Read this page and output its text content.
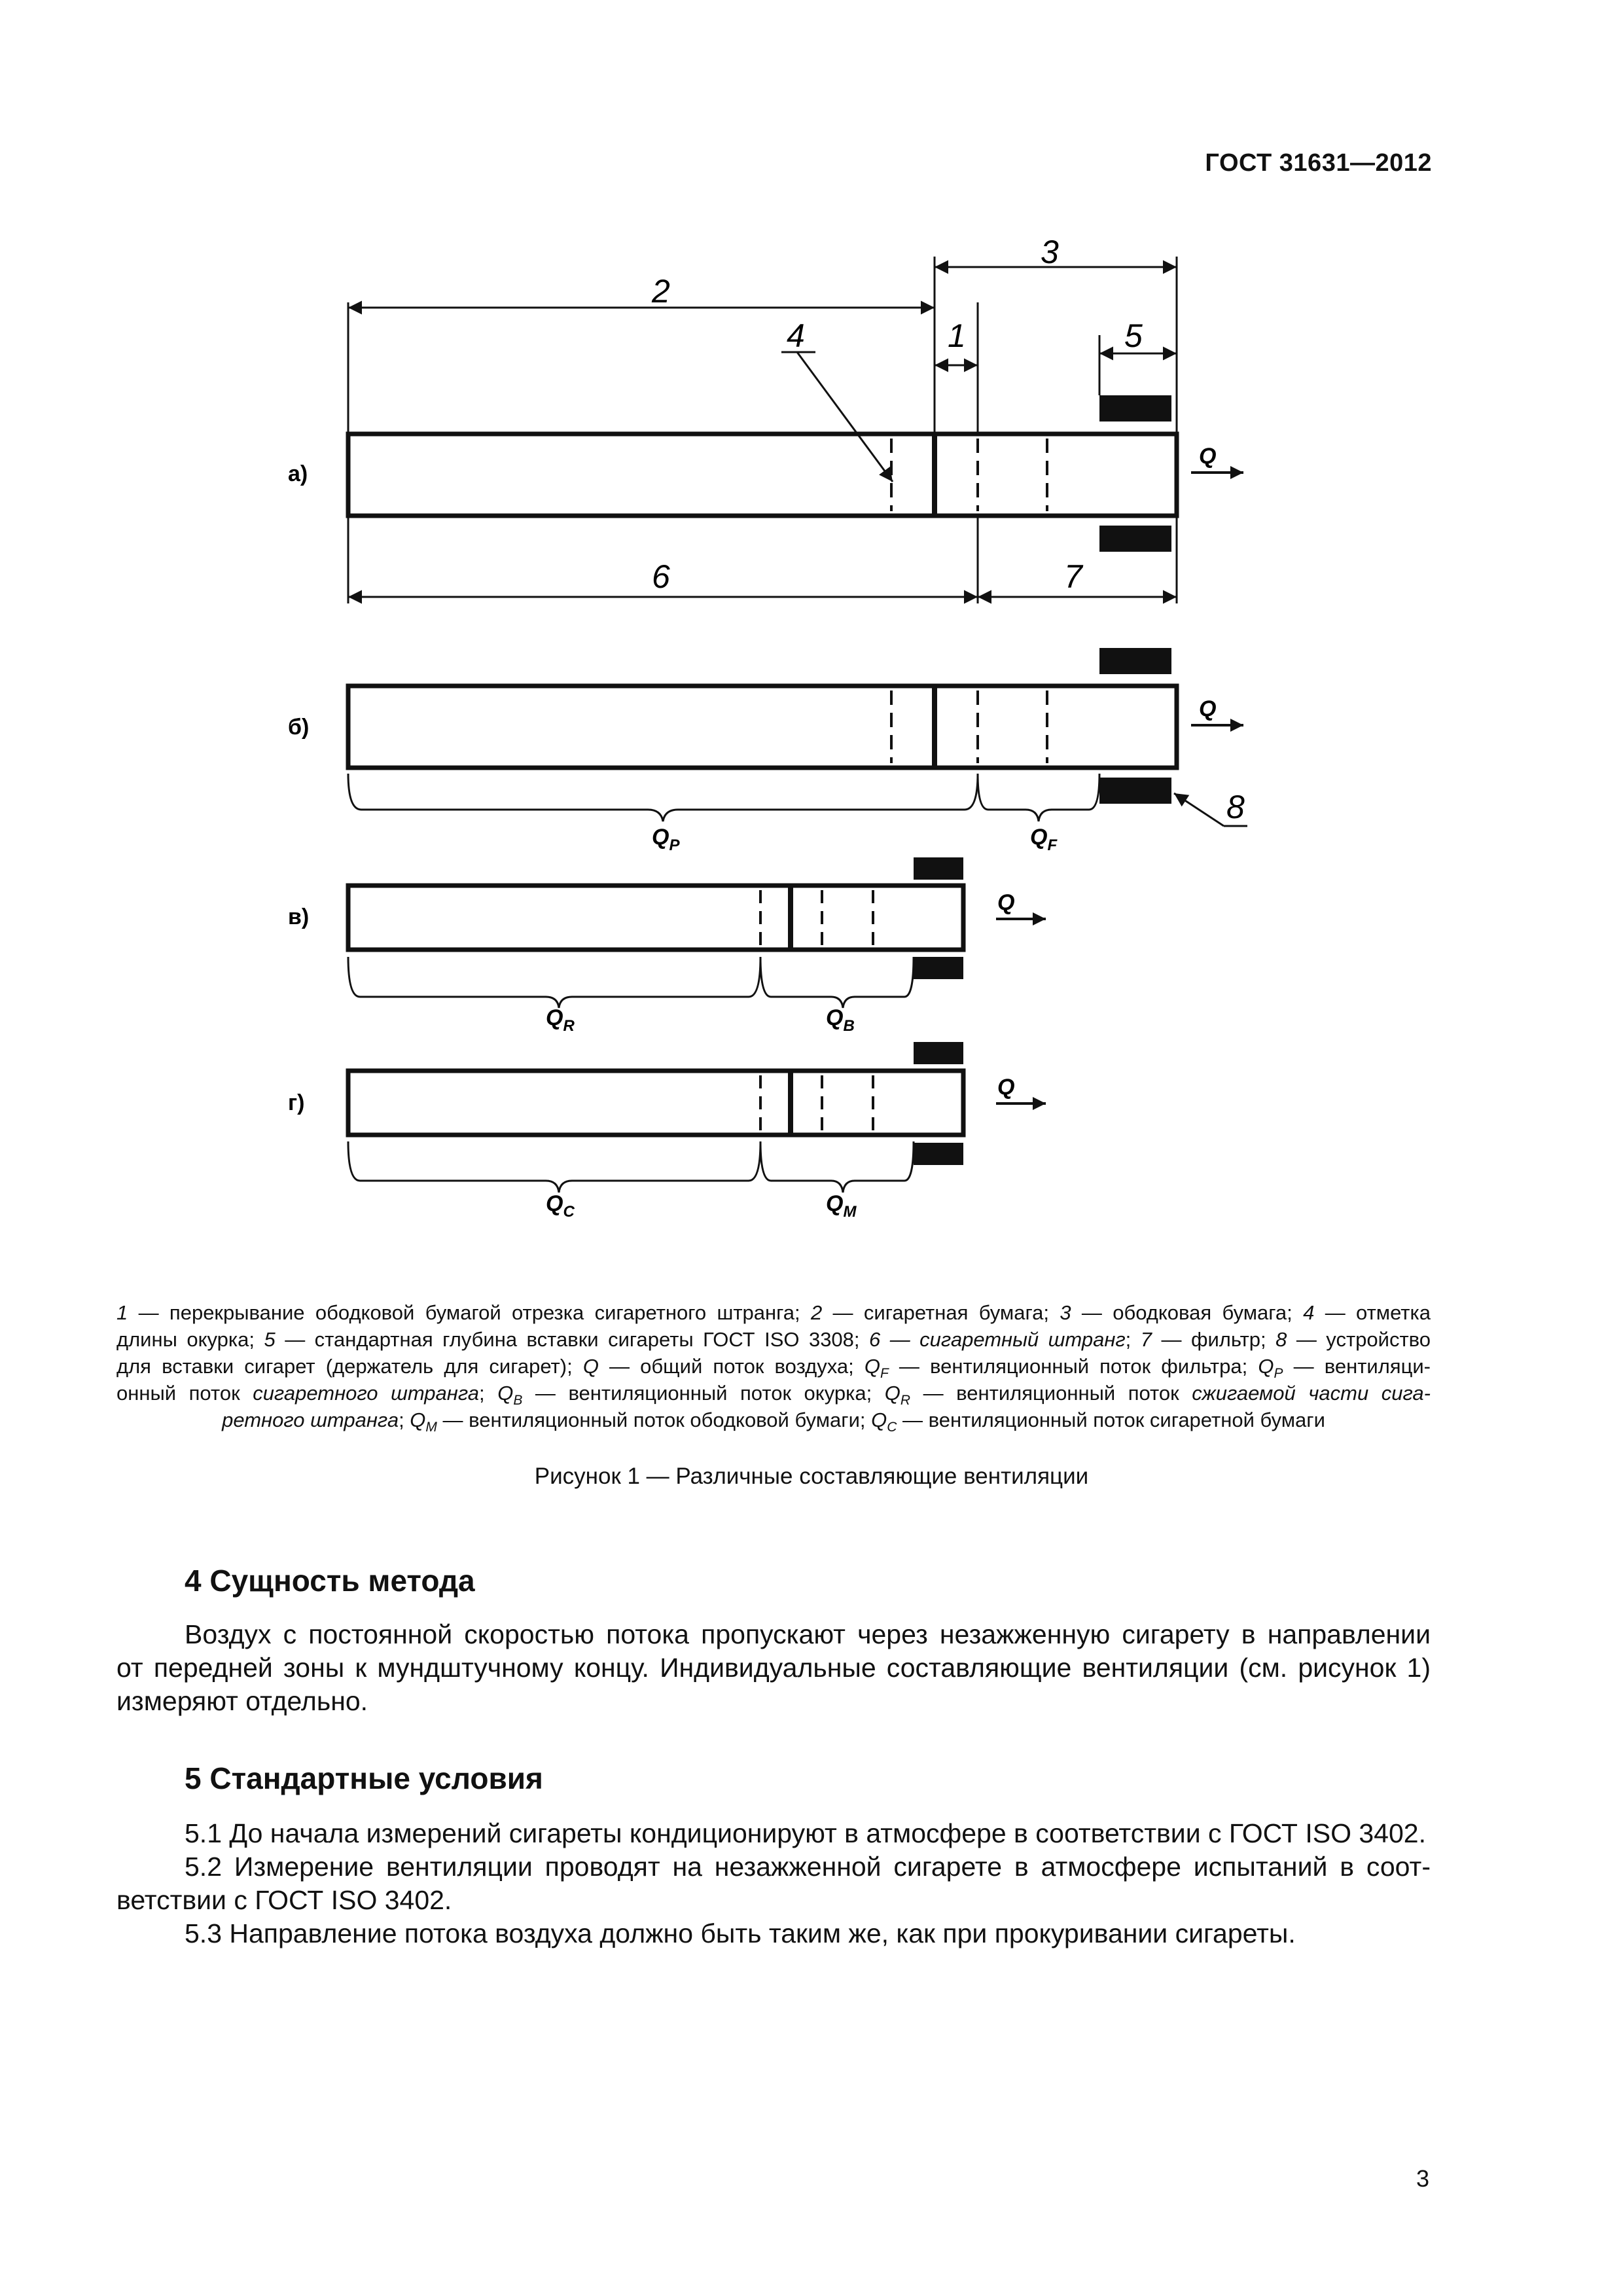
ГОСТ 31631—2012
а)
Q
3
2
4	1	5
6	7
б)
Q
8
QP	QF
в)
Q
QR	QB
г)
Q
QC	QM
1 — перекрывание ободковой бумагой отрезка сигаретного штранга; 2 — сигаретная бумага; 3 — ободковая бумага; 4 — отметка
длины окурка; 5 — стандартная глубина вставки сигареты ГОСТ ISO 3308; 6 — сигаретный штранг; 7 — фильтр; 8 — устройство
для вставки сигарет (держатель для сигарет); Q — общий поток воздуха; $Q_F$ — вентиляционный поток фильтра; $Q_P$ — вентиляци-
онный поток сигаретного штранга; $Q_B$ — вентиляционный поток окурка; $Q_R$ — вентиляционный поток сжигаемой части сига-
ретного штранга; $Q_M$ — вентиляционный поток ободковой бумаги; $Q_C$ — вентиляционный поток сигаретной бумаги
Рисунок 1 — Различные составляющие вентиляции
4 Сущность метода
Воздух с постоянной скоростью потока пропускают через незажженную сигарету в направлении
от передней зоны к мундштучному концу. Индивидуальные составляющие вентиляции (см. рисунок 1)
измеряют отдельно.
5 Стандартные условия
5.1 До начала измерений сигареты кондиционируют в атмосфере в соответствии с ГОСТ ISO 3402.
5.2 Измерение вентиляции проводят на незажженной сигарете в атмосфере испытаний в соот-
ветствии с ГОСТ ISO 3402.
5.3 Направление потока воздуха должно быть таким же, как при прокуривании сигареты.
3
